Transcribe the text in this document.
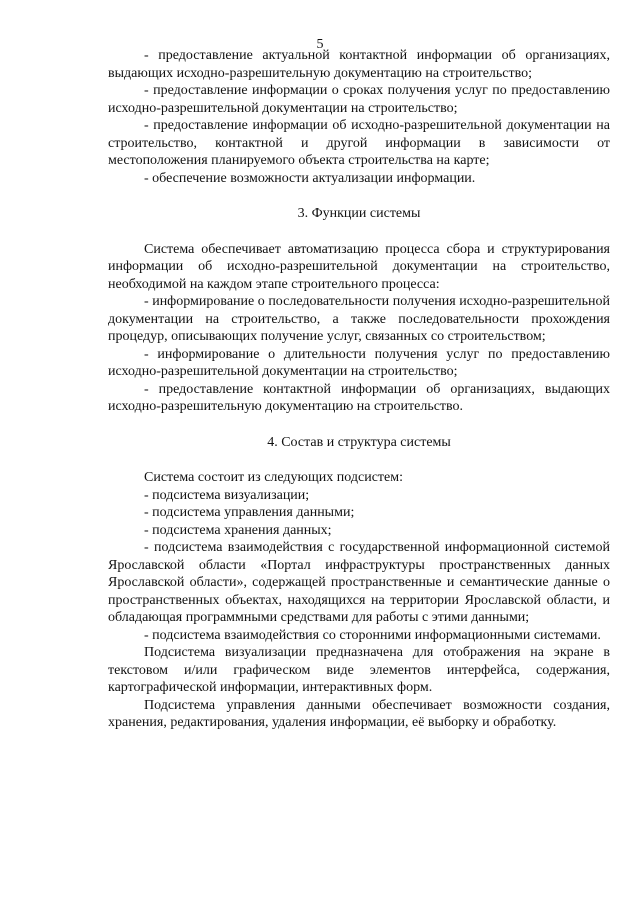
5

- предоставление актуальной контактной информации об организациях, выдающих исходно-разрешительную документацию на строительство;

- предоставление информации о сроках получения услуг по предоставлению исходно-разрешительной документации на строительство;

- предоставление информации об исходно-разрешительной документации на строительство, контактной и другой информации в зависимости от местоположения планируемого объекта строительства на карте;

- обеспечение возможности актуализации информации.

3. Функции системы

Система обеспечивает автоматизацию процесса сбора и структурирования информации об исходно-разрешительной документации на строительство, необходимой на каждом этапе строительного процесса:

- информирование о последовательности получения исходно-разрешительной документации на строительство, а также последовательности прохождения процедур, описывающих получение услуг, связанных со строительством;

- информирование о длительности получения услуг по предоставлению исходно-разрешительной документации на строительство;

- предоставление контактной информации об организациях, выдающих исходно-разрешительную документацию на строительство.

4. Состав и структура системы

Система состоит из следующих подсистем:

- подсистема визуализации;

- подсистема управления данными;

- подсистема хранения данных;

- подсистема взаимодействия с государственной информационной системой Ярославской области «Портал инфраструктуры пространственных данных Ярославской области», содержащей пространственные и семантические данные о пространственных объектах, находящихся на территории Ярославской области, и обладающая программными средствами для работы с этими данными;

- подсистема взаимодействия со сторонними информационными системами.

Подсистема визуализации предназначена для отображения на экране в текстовом и/или графическом виде элементов интерфейса, содержания, картографической информации, интерактивных форм.

Подсистема управления данными обеспечивает возможности создания, хранения, редактирования, удаления информации, её выборку и обработку.
